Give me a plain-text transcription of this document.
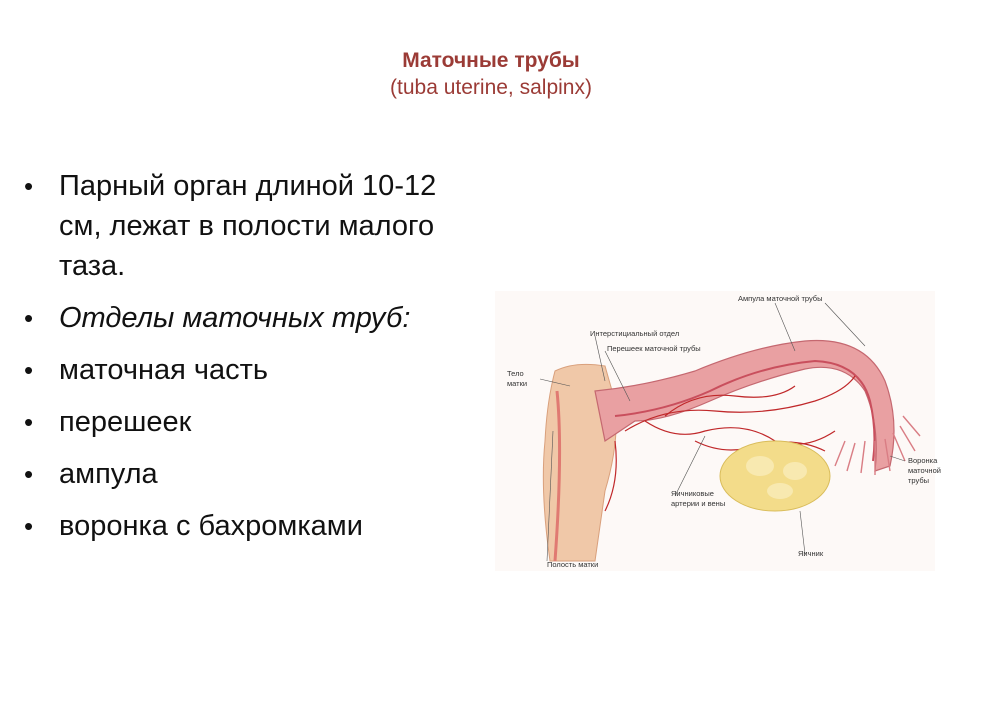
Маточные трубы
(tuba uterine, salpinx)
• Парный орган длиной 10-12 см, лежат в полости малого таза.
• Отделы маточных труб:
• маточная часть
• перешеек
• ампула
• воронка с бахромками
Ампула маточной трубы
Интерстициальный отдел
Перешеек маточной трубы
Тело
матки
Воронка
маточной
трубы
Яичниковые
артерии и вены
Яичник
Полость матки
